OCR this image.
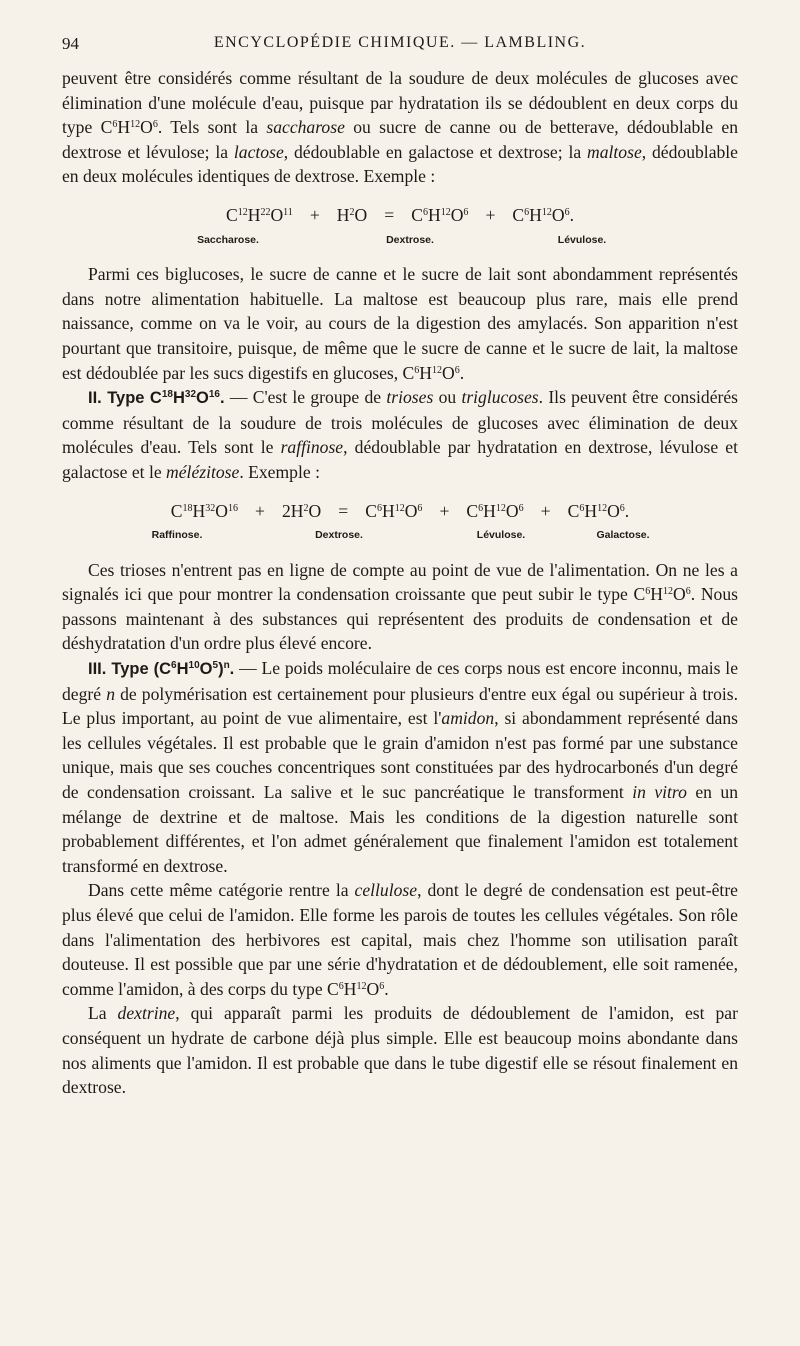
94	ENCYCLOPÉDIE CHIMIQUE. — LAMBLING.

peuvent être considérés comme résultant de la soudure de deux molécules de glucoses avec élimination d'une molécule d'eau, puisque par hydratation ils se dédoublent en deux corps du type $C^6H^{12}O^6$. Tels sont la saccharose ou sucre de canne ou de betterave, dédoublable en dextrose et lévulose; la lactose, dédoublable en galactose et dextrose; la maltose, dédoublable en deux molécules identiques de dextrose. Exemple :

$C^{12}H^{22}O^{11} + H^2O = C^6H^{12}O^6 + C^6H^{12}O^6$.
Saccharose.	Dextrose.	Lévulose.

Parmi ces biglucoses, le sucre de canne et le sucre de lait sont abondamment représentés dans notre alimentation habituelle. La maltose est beaucoup plus rare, mais elle prend naissance, comme on va le voir, au cours de la digestion des amylacés. Son apparition n'est pourtant que transitoire, puisque, de même que le sucre de canne et le sucre de lait, la maltose est dédoublée par les sucs digestifs en glucoses, $C^6H^{12}O^6$.

II. Type $C^{18}H^{32}O^{16}$. — C'est le groupe de trioses ou triglucoses. Ils peuvent être considérés comme résultant de la soudure de trois molécules de glucoses avec élimination de deux molécules d'eau. Tels sont le raffinose, dédoublable par hydratation en dextrose, lévulose et galactose et le mélézitose. Exemple :

$C^{18}H^{32}O^{16} + 2H^2O = C^6H^{12}O^6 + C^6H^{12}O^6 + C^6H^{12}O^6$.
Raffinose.	Dextrose.	Lévulose.	Galactose.

Ces trioses n'entrent pas en ligne de compte au point de vue de l'alimentation. On ne les a signalés ici que pour montrer la condensation croissante que peut subir le type $C^6H^{12}O^6$. Nous passons maintenant à des substances qui représentent des produits de condensation et de déshydratation d'un ordre plus élevé encore.

III. Type $(C^6H^{10}O^5)^n$. — Le poids moléculaire de ces corps nous est encore inconnu, mais le degré n de polymérisation est certainement pour plusieurs d'entre eux égal ou supérieur à trois. Le plus important, au point de vue alimentaire, est l'amidon, si abondamment représenté dans les cellules végétales. Il est probable que le grain d'amidon n'est pas formé par une substance unique, mais que ses couches concentriques sont constituées par des hydrocarbonés d'un degré de condensation croissant. La salive et le suc pancréatique le transforment in vitro en un mélange de dextrine et de maltose. Mais les conditions de la digestion naturelle sont probablement différentes, et l'on admet généralement que finalement l'amidon est totalement transformé en dextrose.

Dans cette même catégorie rentre la cellulose, dont le degré de condensation est peut-être plus élevé que celui de l'amidon. Elle forme les parois de toutes les cellules végétales. Son rôle dans l'alimentation des herbivores est capital, mais chez l'homme son utilisation paraît douteuse. Il est possible que par une série d'hydratation et de dédoublement, elle soit ramenée, comme l'amidon, à des corps du type $C^6H^{12}O^6$.

La dextrine, qui apparaît parmi les produits de dédoublement de l'amidon, est par conséquent un hydrate de carbone déjà plus simple. Elle est beaucoup moins abondante dans nos aliments que l'amidon. Il est probable que dans le tube digestif elle se résout finalement en dextrose.
